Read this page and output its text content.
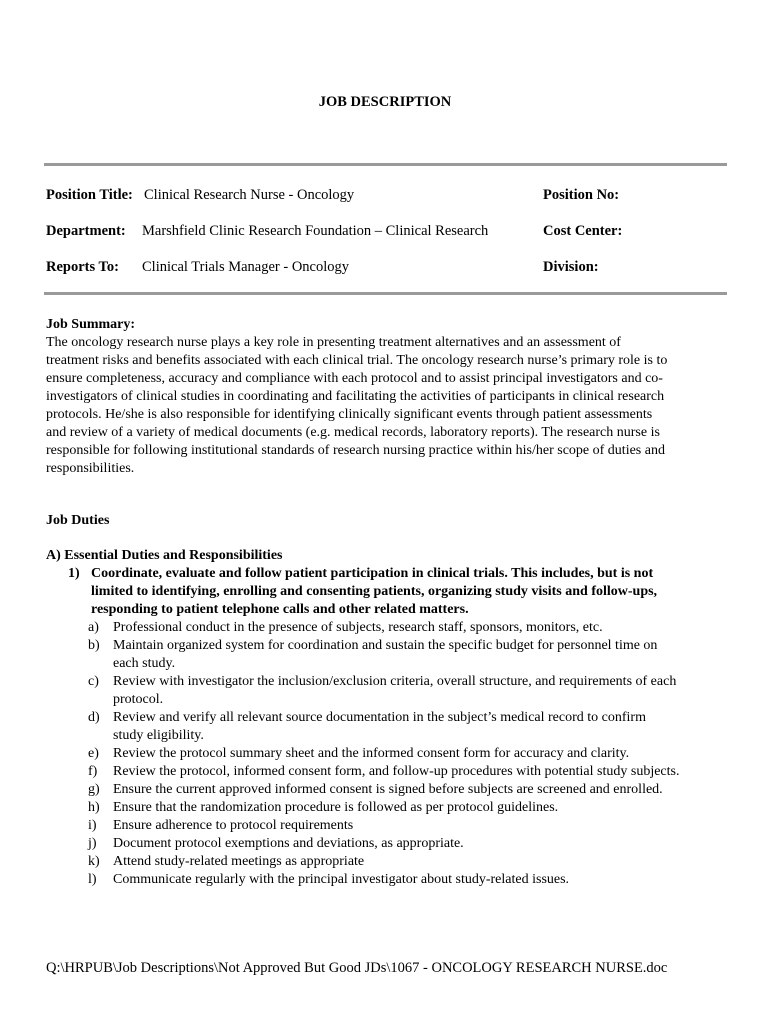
JOB DESCRIPTION
Position Title: Clinical Research Nurse - Oncology	Position No:
Department: Marshfield Clinic Research Foundation – Clinical Research	Cost Center:
Reports To: Clinical Trials Manager - Oncology	Division:
Job Summary:
The oncology research nurse plays a key role in presenting treatment alternatives and an assessment of
treatment risks and benefits associated with each clinical trial. The oncology research nurse’s primary role is to
ensure completeness, accuracy and compliance with each protocol and to assist principal investigators and co-
investigators of clinical studies in coordinating and facilitating the activities of participants in clinical research
protocols. He/she is also responsible for identifying clinically significant events through patient assessments
and review of a variety of medical documents (e.g. medical records, laboratory reports). The research nurse is
responsible for following institutional standards of research nursing practice within his/her scope of duties and
responsibilities.
Job Duties
A) Essential Duties and Responsibilities
1) Coordinate, evaluate and follow patient participation in clinical trials. This includes, but is not
limited to identifying, enrolling and consenting patients, organizing study visits and follow-ups,
responding to patient telephone calls and other related matters.
a) Professional conduct in the presence of subjects, research staff, sponsors, monitors, etc.
b) Maintain organized system for coordination and sustain the specific budget for personnel time on
each study.
c) Review with investigator the inclusion/exclusion criteria, overall structure, and requirements of each
protocol.
d) Review and verify all relevant source documentation in the subject’s medical record to confirm
study eligibility.
e) Review the protocol summary sheet and the informed consent form for accuracy and clarity.
f) Review the protocol, informed consent form, and follow-up procedures with potential study subjects.
g) Ensure the current approved informed consent is signed before subjects are screened and enrolled.
h) Ensure that the randomization procedure is followed as per protocol guidelines.
i) Ensure adherence to protocol requirements
j) Document protocol exemptions and deviations, as appropriate.
k) Attend study-related meetings as appropriate
l) Communicate regularly with the principal investigator about study-related issues.
Q:\HRPUB\Job Descriptions\Not Approved But Good JDs\1067 - ONCOLOGY RESEARCH NURSE.doc
